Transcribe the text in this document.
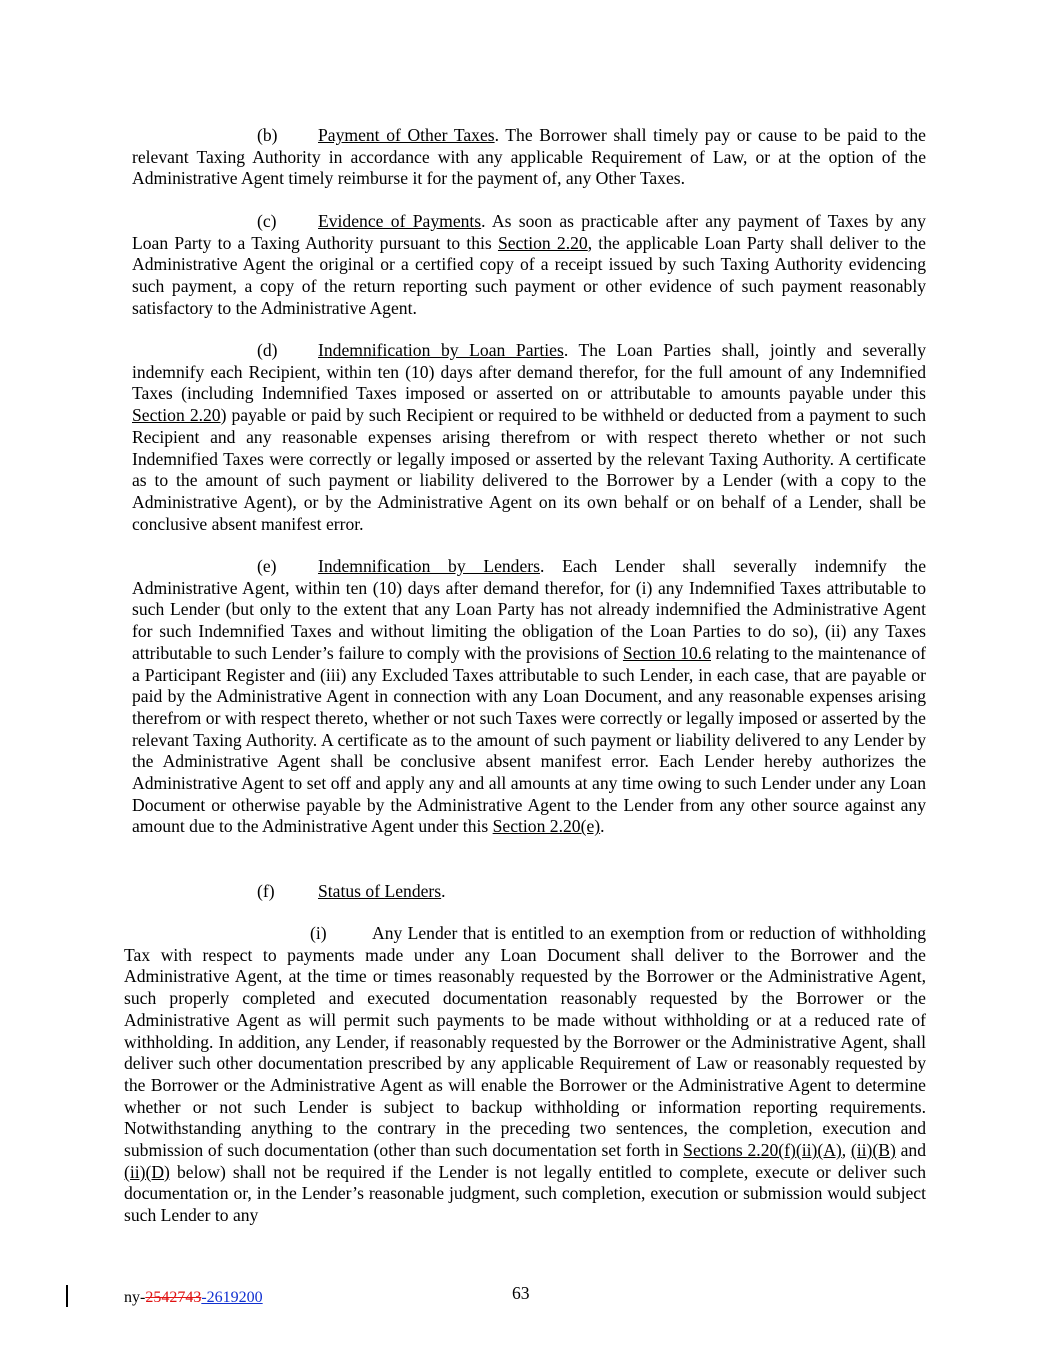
(b) Payment of Other Taxes. The Borrower shall timely pay or cause to be paid to the relevant Taxing Authority in accordance with any applicable Requirement of Law, or at the option of the Administrative Agent timely reimburse it for the payment of, any Other Taxes.

(c) Evidence of Payments. As soon as practicable after any payment of Taxes by any Loan Party to a Taxing Authority pursuant to this Section 2.20, the applicable Loan Party shall deliver to the Administrative Agent the original or a certified copy of a receipt issued by such Taxing Authority evidencing such payment, a copy of the return reporting such payment or other evidence of such payment reasonably satisfactory to the Administrative Agent.

(d) Indemnification by Loan Parties. The Loan Parties shall, jointly and severally indemnify each Recipient, within ten (10) days after demand therefor, for the full amount of any Indemnified Taxes (including Indemnified Taxes imposed or asserted on or attributable to amounts payable under this Section 2.20) payable or paid by such Recipient or required to be withheld or deducted from a payment to such Recipient and any reasonable expenses arising therefrom or with respect thereto whether or not such Indemnified Taxes were correctly or legally imposed or asserted by the relevant Taxing Authority. A certificate as to the amount of such payment or liability delivered to the Borrower by a Lender (with a copy to the Administrative Agent), or by the Administrative Agent on its own behalf or on behalf of a Lender, shall be conclusive absent manifest error.

(e) Indemnification by Lenders. Each Lender shall severally indemnify the Administrative Agent, within ten (10) days after demand therefor, for (i) any Indemnified Taxes attributable to such Lender (but only to the extent that any Loan Party has not already indemnified the Administrative Agent for such Indemnified Taxes and without limiting the obligation of the Loan Parties to do so), (ii) any Taxes attributable to such Lender’s failure to comply with the provisions of Section 10.6 relating to the maintenance of a Participant Register and (iii) any Excluded Taxes attributable to such Lender, in each case, that are payable or paid by the Administrative Agent in connection with any Loan Document, and any reasonable expenses arising therefrom or with respect thereto, whether or not such Taxes were correctly or legally imposed or asserted by the relevant Taxing Authority. A certificate as to the amount of such payment or liability delivered to any Lender by the Administrative Agent shall be conclusive absent manifest error. Each Lender hereby authorizes the Administrative Agent to set off and apply any and all amounts at any time owing to such Lender under any Loan Document or otherwise payable by the Administrative Agent to the Lender from any other source against any amount due to the Administrative Agent under this Section 2.20(e).

(f) Status of Lenders.

(i)	Any Lender that is entitled to an exemption from or reduction of withholding Tax with respect to payments made under any Loan Document shall deliver to the Borrower and the Administrative Agent, at the time or times reasonably requested by the Borrower or the Administrative Agent, such properly completed and executed documentation reasonably requested by the Borrower or the Administrative Agent as will permit such payments to be made without withholding or at a reduced rate of withholding. In addition, any Lender, if reasonably requested by the Borrower or the Administrative Agent, shall deliver such other documentation prescribed by any applicable Requirement of Law or reasonably requested by the Borrower or the Administrative Agent as will enable the Borrower or the Administrative Agent to determine whether or not such Lender is subject to backup withholding or information reporting requirements. Notwithstanding anything to the contrary in the preceding two sentences, the completion, execution and submission of such documentation (other than such documentation set forth in Sections 2.20(f)(ii)(A), (ii)(B) and (ii)(D) below) shall not be required if the Lender is not legally entitled to complete, execute or deliver such documentation or, in the Lender’s reasonable judgment, such completion, execution or submission would subject such Lender to any

ny-2542743-2619200	63
